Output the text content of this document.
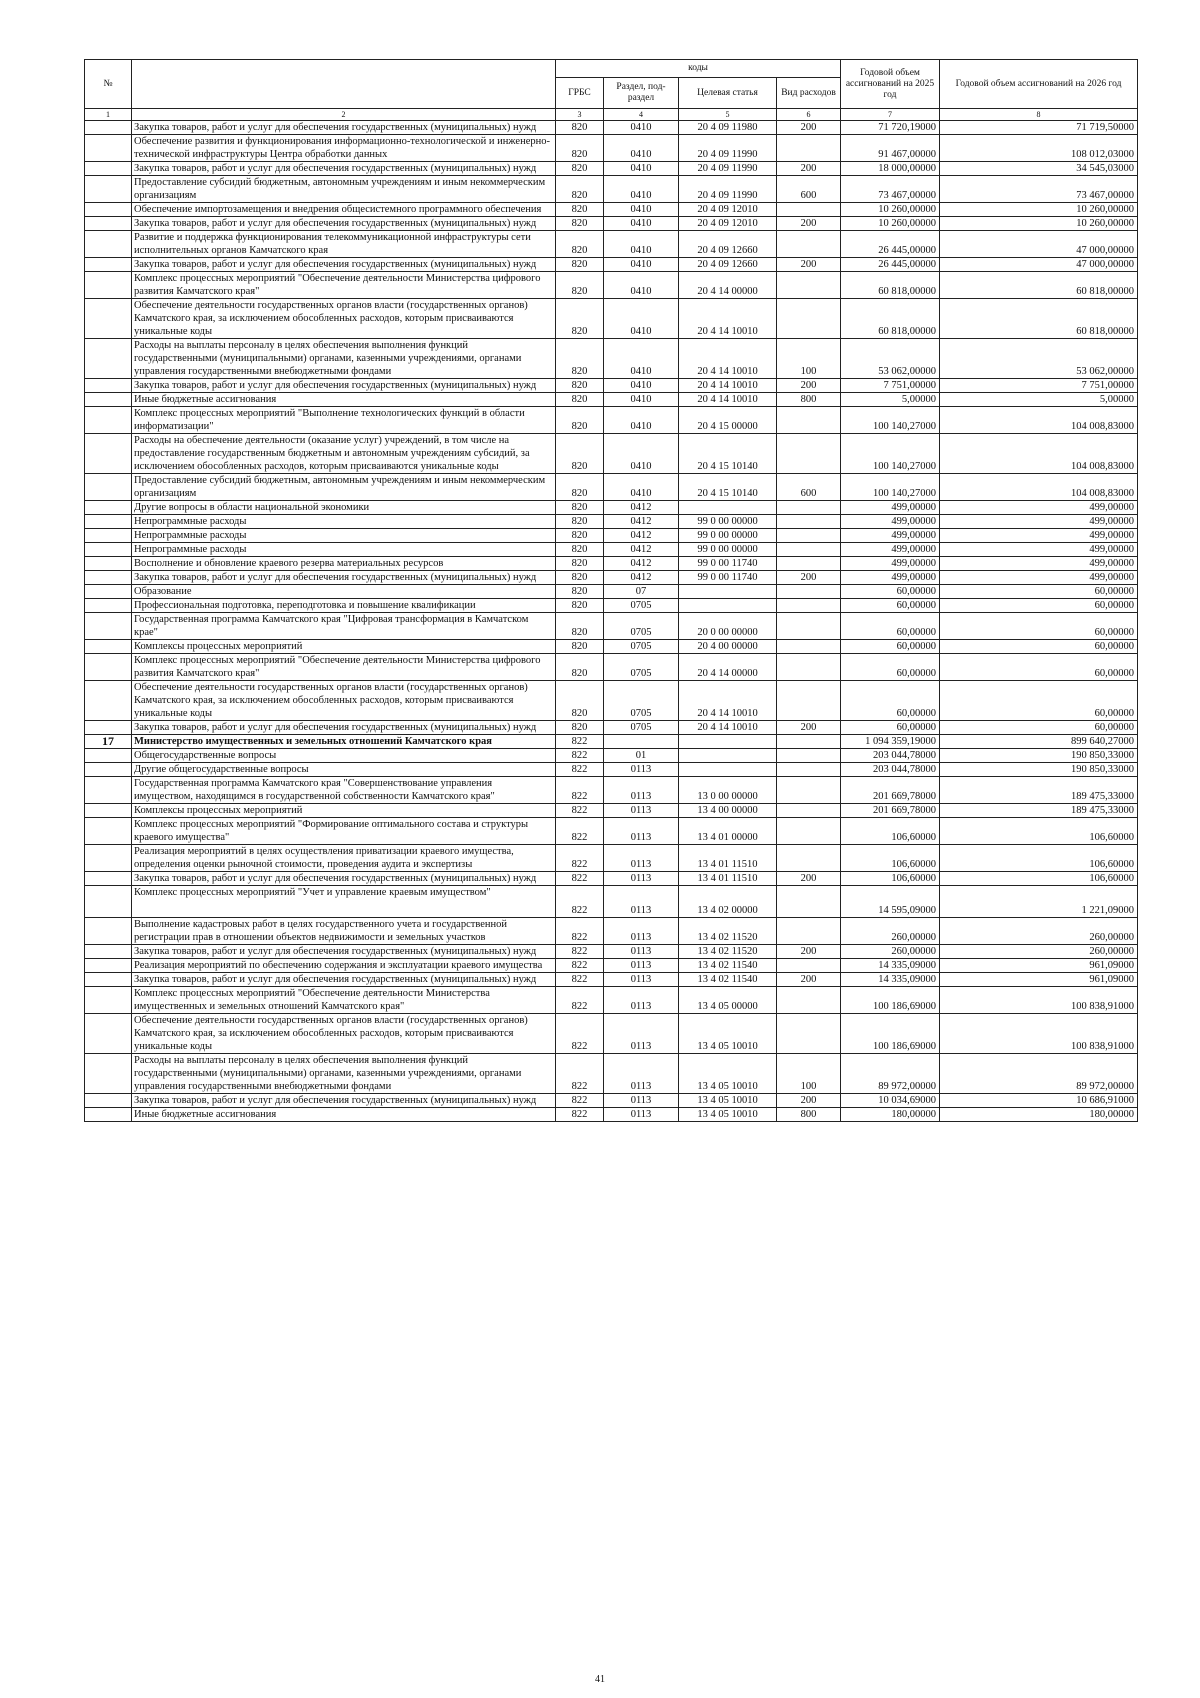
№		коды				Годовой объем ассигнований на 2025 год	Годовой объем ассигнований на 2026 год
		ГРБС	Раздел, под-раздел	Целевая статья	Вид расходов		
1	2	3	4	5	6	7	8
	Закупка товаров, работ и услуг для обеспечения государственных (муниципальных) нужд	820	0410	20 4 09 11980	200	71 720,19000	71 719,50000
	Обеспечение развития и функционирования информационно-технологической и инженерно-технической инфраструктуры Центра обработки данных	820	0410	20 4 09 11990		91 467,00000	108 012,03000
	Закупка товаров, работ и услуг для обеспечения государственных (муниципальных) нужд	820	0410	20 4 09 11990	200	18 000,00000	34 545,03000
	Предоставление субсидий бюджетным, автономным учреждениям и иным некоммерческим организациям	820	0410	20 4 09 11990	600	73 467,00000	73 467,00000
	Обеспечение импортозамещения и внедрения общесистемного программного обеспечения	820	0410	20 4 09 12010		10 260,00000	10 260,00000
	Закупка товаров, работ и услуг для обеспечения государственных (муниципальных) нужд	820	0410	20 4 09 12010	200	10 260,00000	10 260,00000
	Развитие и поддержка функционирования телекоммуникационной инфраструктуры сети исполнительных органов Камчатского края	820	0410	20 4 09 12660		26 445,00000	47 000,00000
	Закупка товаров, работ и услуг для обеспечения государственных (муниципальных) нужд	820	0410	20 4 09 12660	200	26 445,00000	47 000,00000
	Комплекс процессных мероприятий "Обеспечение деятельности Министерства цифрового развития Камчатского края"	820	0410	20 4 14 00000		60 818,00000	60 818,00000
	Обеспечение деятельности государственных органов власти (государственных органов) Камчатского края, за исключением обособленных расходов, которым присваиваются уникальные коды	820	0410	20 4 14 10010		60 818,00000	60 818,00000
	Расходы на выплаты персоналу в целях обеспечения выполнения функций государственными (муниципальными) органами, казенными учреждениями, органами управления государственными внебюджетными фондами	820	0410	20 4 14 10010	100	53 062,00000	53 062,00000
	Закупка товаров, работ и услуг для обеспечения государственных (муниципальных) нужд	820	0410	20 4 14 10010	200	7 751,00000	7 751,00000
	Иные бюджетные ассигнования	820	0410	20 4 14 10010	800	5,00000	5,00000
	Комплекс процессных мероприятий "Выполнение технологических функций в области информатизации"	820	0410	20 4 15 00000		100 140,27000	104 008,83000
	Расходы на обеспечение деятельности (оказание услуг) учреждений, в том числе на предоставление государственным бюджетным и автономным учреждениям субсидий, за исключением обособленных расходов, которым присваиваются уникальные коды	820	0410	20 4 15 10140		100 140,27000	104 008,83000
	Предоставление субсидий бюджетным, автономным учреждениям и иным некоммерческим организациям	820	0410	20 4 15 10140	600	100 140,27000	104 008,83000
	Другие вопросы в области национальной экономики	820	0412			499,00000	499,00000
	Непрограммные расходы	820	0412	99 0 00 00000		499,00000	499,00000
	Непрограммные расходы	820	0412	99 0 00 00000		499,00000	499,00000
	Непрограммные расходы	820	0412	99 0 00 00000		499,00000	499,00000
	Восполнение и обновление краевого резерва материальных ресурсов	820	0412	99 0 00 11740		499,00000	499,00000
	Закупка товаров, работ и услуг для обеспечения государственных (муниципальных) нужд	820	0412	99 0 00 11740	200	499,00000	499,00000
	Образование	820	07			60,00000	60,00000
	Профессиональная подготовка, переподготовка и повышение квалификации	820	0705			60,00000	60,00000
	Государственная программа Камчатского края "Цифровая трансформация в Камчатском крае"	820	0705	20 0 00 00000		60,00000	60,00000
	Комплексы процессных мероприятий	820	0705	20 4 00 00000		60,00000	60,00000
	Комплекс процессных мероприятий "Обеспечение деятельности Министерства цифрового развития Камчатского края"	820	0705	20 4 14 00000		60,00000	60,00000
	Обеспечение деятельности государственных органов власти (государственных органов) Камчатского края, за исключением обособленных расходов, которым присваиваются уникальные коды	820	0705	20 4 14 10010		60,00000	60,00000
	Закупка товаров, работ и услуг для обеспечения государственных (муниципальных) нужд	820	0705	20 4 14 10010	200	60,00000	60,00000
17	Министерство имущественных и земельных отношений Камчатского края	822				1 094 359,19000	899 640,27000
	Общегосударственные вопросы	822	01			203 044,78000	190 850,33000
	Другие общегосударственные вопросы	822	0113			203 044,78000	190 850,33000
	Государственная программа Камчатского края "Совершенствование управления имуществом, находящимся в государственной собственности Камчатского края"	822	0113	13 0 00 00000		201 669,78000	189 475,33000
	Комплексы процессных мероприятий	822	0113	13 4 00 00000		201 669,78000	189 475,33000
	Комплекс процессных мероприятий "Формирование оптимального состава и структуры краевого имущества"	822	0113	13 4 01 00000		106,60000	106,60000
	Реализация мероприятий в целях осуществления приватизации краевого имущества, определения оценки рыночной стоимости, проведения аудита и экспертизы	822	0113	13 4 01 11510		106,60000	106,60000
	Закупка товаров, работ и услуг для обеспечения государственных (муниципальных) нужд	822	0113	13 4 01 11510	200	106,60000	106,60000
	Комплекс процессных мероприятий "Учет и управление краевым имуществом"	822	0113	13 4 02 00000		14 595,09000	1 221,09000
	Выполнение кадастровых работ в целях государственного учета и государственной регистрации прав в отношении объектов недвижимости и земельных участков	822	0113	13 4 02 11520		260,00000	260,00000
	Закупка товаров, работ и услуг для обеспечения государственных (муниципальных) нужд	822	0113	13 4 02 11520	200	260,00000	260,00000
	Реализация мероприятий по обеспечению содержания и эксплуатации краевого имущества	822	0113	13 4 02 11540		14 335,09000	961,09000
	Закупка товаров, работ и услуг для обеспечения государственных (муниципальных) нужд	822	0113	13 4 02 11540	200	14 335,09000	961,09000
	Комплекс процессных мероприятий "Обеспечение деятельности Министерства имущественных и земельных отношений Камчатского края"	822	0113	13 4 05 00000		100 186,69000	100 838,91000
	Обеспечение деятельности государственных органов власти (государственных органов) Камчатского края, за исключением обособленных расходов, которым присваиваются уникальные коды	822	0113	13 4 05 10010		100 186,69000	100 838,91000
	Расходы на выплаты персоналу в целях обеспечения выполнения функций государственными (муниципальными) органами, казенными учреждениями, органами управления государственными внебюджетными фондами	822	0113	13 4 05 10010	100	89 972,00000	89 972,00000
	Закупка товаров, работ и услуг для обеспечения государственных (муниципальных) нужд	822	0113	13 4 05 10010	200	10 034,69000	10 686,91000
	Иные бюджетные ассигнования	822	0113	13 4 05 10010	800	180,00000	180,00000
41
